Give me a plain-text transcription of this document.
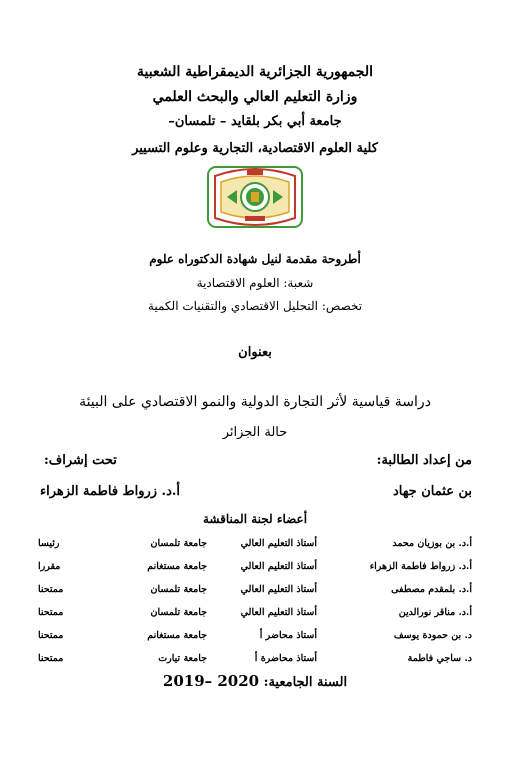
الجمهورية الجزائرية الديمقراطية الشعبية
وزارة التعليم العالي والبحث العلمي
جامعة أبي بكر بلقايد – تلمسان–
كلية العلوم الاقتصادية، التجارية وعلوم التسيير
أطروحة مقدمة لنيل شهادة الدكتوراه علوم
شعبة: العلوم الاقتصادية
تخصص: التحليل الاقتصادي والتقنيات الكمية
بعنوان
دراسة قياسية لأثر التجارة الدولية والنمو الاقتصادي على البيئة
حالة الجزائر
من إعداد الطالبة:
تحت إشراف:
بن عثمان جهاد
أ.د. زرواط فاطمة الزهراء
أعضاء لجنة المناقشة
أ.د. بن بوزيان محمد
أستاذ التعليم العالي
جامعة تلمسان
رئيسا
أ.د. زرواط فاطمة الزهراء
أستاذ التعليم العالي
جامعة مستغانم
مقررا
أ.د. بلمقدم مصطفى
أستاذ التعليم العالي
جامعة تلمسان
ممتحنا
أ.د. مناقر نورالدين
أستاذ التعليم العالي
جامعة تلمسان
ممتحنا
د. بن حمودة يوسف
أستاذ محاضر أ
جامعة مستغانم
ممتحنا
د. ساجي فاطمة
أستاذ محاضرة أ
جامعة تيارت
ممتحنا
السنة الجامعية: 2019– 2020
